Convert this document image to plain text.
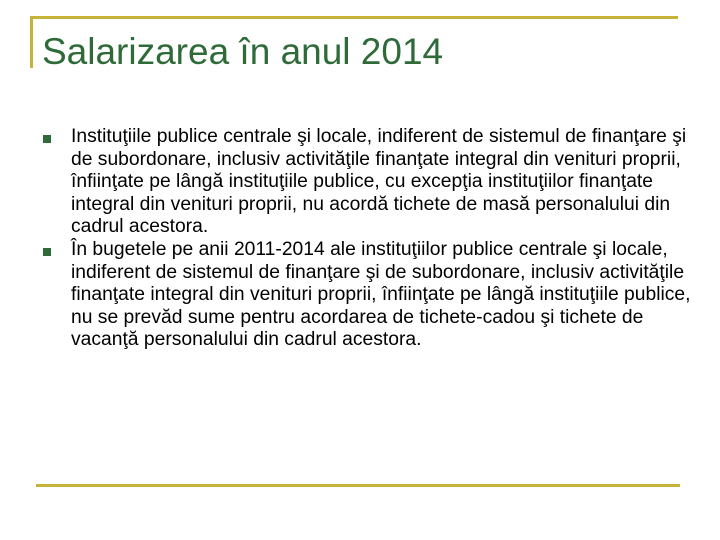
Salarizarea în anul 2014
Instituţiile publice centrale şi locale, indiferent de sistemul de finanţare şi de subordonare, inclusiv activităţile finanţate integral din venituri proprii, înfiinţate pe lângă instituţiile publice, cu excepţia instituţiilor finanţate integral din venituri proprii, nu acordă tichete de masă personalului din cadrul acestora.
În bugetele pe anii 2011-2014 ale instituţiilor publice centrale şi locale, indiferent de sistemul de finanţare şi de subordonare, inclusiv activităţile finanţate integral din venituri proprii, înfiinţate pe lângă instituţiile publice, nu se prevăd sume pentru acordarea de tichete-cadou şi tichete de vacanţă personalului din cadrul acestora.
